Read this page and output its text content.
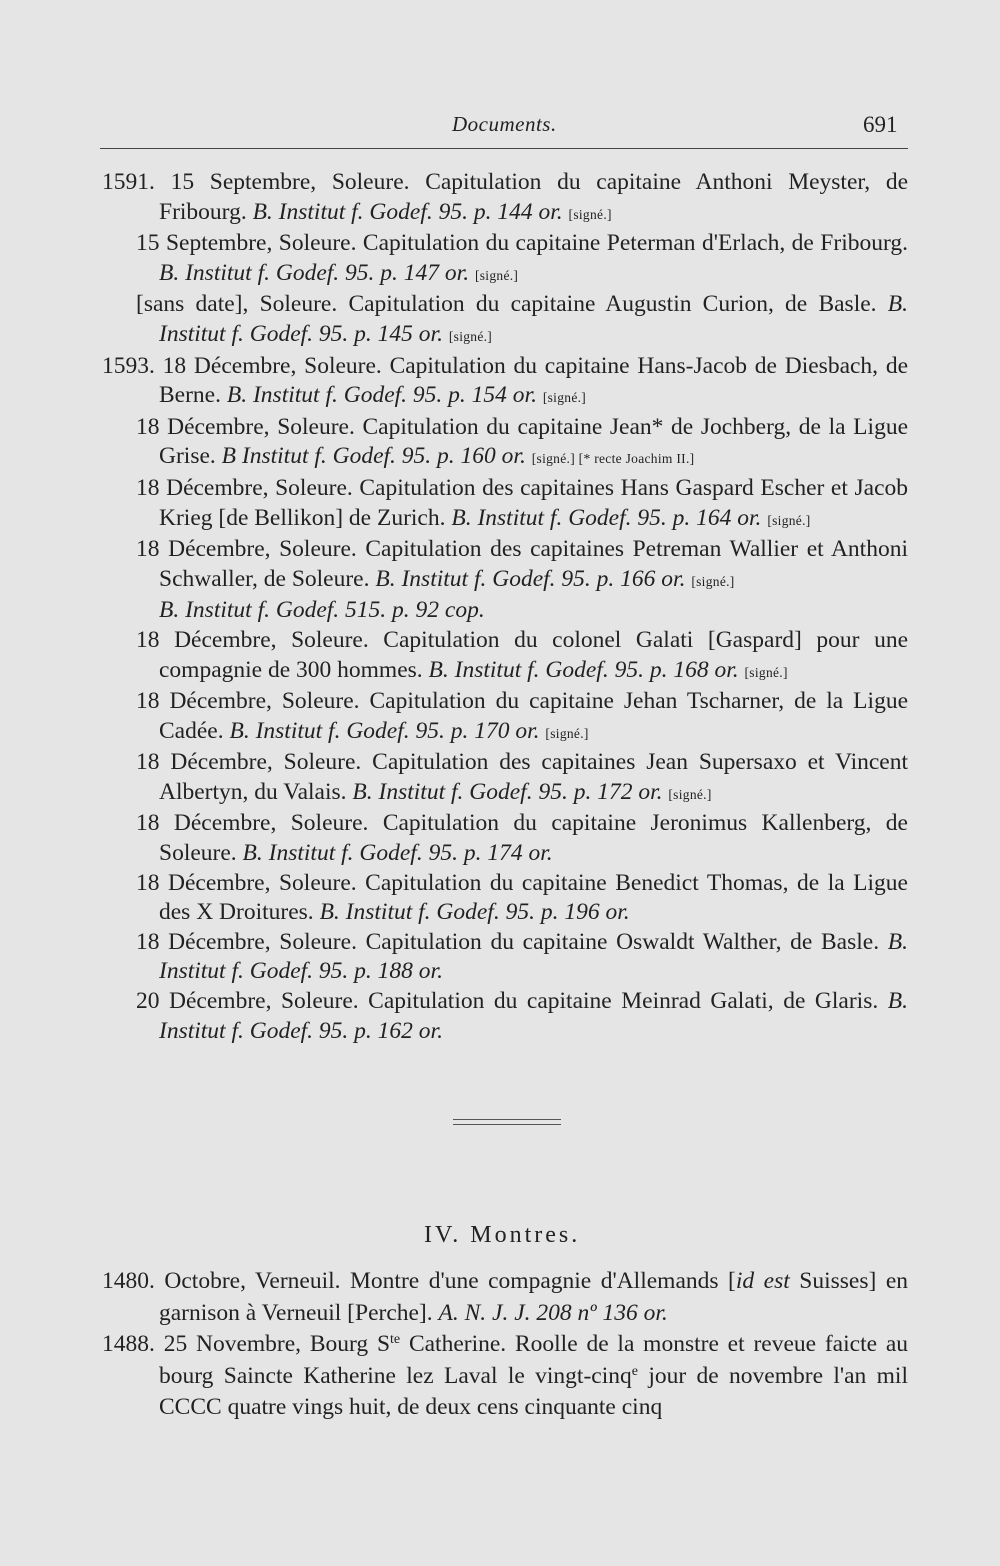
Documents.	691
1591. 15 Septembre, Soleure. Capitulation du capitaine Anthoni Meyster, de Fribourg. B. Institut f. Godef. 95. p. 144 or. [signé.]
15 Septembre, Soleure. Capitulation du capitaine Peterman d'Erlach, de Fribourg. B. Institut f. Godef. 95. p. 147 or. [signé.]
[sans date], Soleure. Capitulation du capitaine Augustin Curion, de Basle. B. Institut f. Godef. 95. p. 145 or. [signé.]
1593. 18 Décembre, Soleure. Capitulation du capitaine Hans-Jacob de Diesbach, de Berne. B. Institut f. Godef. 95. p. 154 or. [signé.]
18 Décembre, Soleure. Capitulation du capitaine Jean* de Jochberg, de la Ligue Grise. B Institut f. Godef. 95. p. 160 or. [signé.] [* recte Joachim II.]
18 Décembre, Soleure. Capitulation des capitaines Hans Gaspard Escher et Jacob Krieg [de Bellikon] de Zurich. B. Institut f. Godef. 95. p. 164 or. [signé.]
18 Décembre, Soleure. Capitulation des capitaines Petreman Wallier et Anthoni Schwaller, de Soleure. B. Institut f. Godef. 95. p. 166 or. [signé.]
B. Institut f. Godef. 515. p. 92 cop.
18 Décembre, Soleure. Capitulation du colonel Galati [Gaspard] pour une compagnie de 300 hommes. B. Institut f. Godef. 95. p. 168 or. [signé.]
18 Décembre, Soleure. Capitulation du capitaine Jehan Tscharner, de la Ligue Cadée. B. Institut f. Godef. 95. p. 170 or. [signé.]
18 Décembre, Soleure. Capitulation des capitaines Jean Supersaxo et Vincent Albertyn, du Valais. B. Institut f. Godef. 95. p. 172 or. [signé.]
18 Décembre, Soleure. Capitulation du capitaine Jeronimus Kallenberg, de Soleure. B. Institut f. Godef. 95. p. 174 or.
18 Décembre, Soleure. Capitulation du capitaine Benedict Thomas, de la Ligue des X Droitures. B. Institut f. Godef. 95. p. 196 or.
18 Décembre, Soleure. Capitulation du capitaine Oswaldt Walther, de Basle. B. Institut f. Godef. 95. p. 188 or.
20 Décembre, Soleure. Capitulation du capitaine Meinrad Galati, de Glaris. B. Institut f. Godef. 95. p. 162 or.
IV. Montres.
1480. Octobre, Verneuil. Montre d'une compagnie d'Allemands [id est Suisses] en garnison à Verneuil [Perche]. A. N. J. J. 208 nº 136 or.
1488. 25 Novembre, Bourg $S^{te}$ Catherine. Roolle de la monstre et reveue faicte au bourg Saincte Katherine lez Laval le vingt-cinq$^e$ jour de novembre l'an mil CCCC quatre vings huit, de deux cens cinquante cinq
